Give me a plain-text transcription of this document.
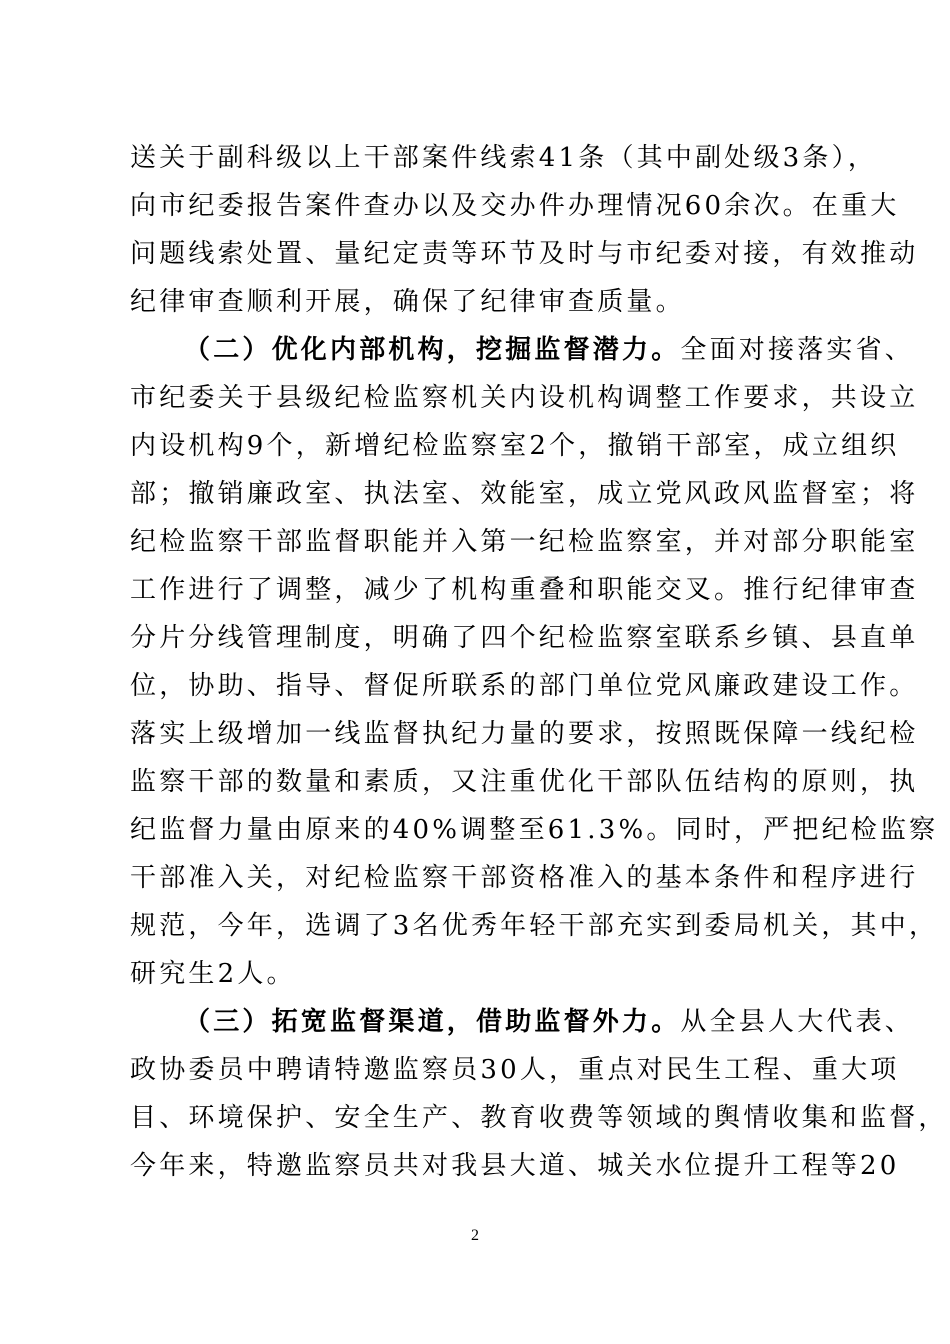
送关于副科级以上干部案件线索41条（其中副处级3条），
向市纪委报告案件查办以及交办件办理情况60余次。在重大
问题线索处置、量纪定责等环节及时与市纪委对接，有效推动
纪律审查顺利开展，确保了纪律审查质量。
（二）优化内部机构，挖掘监督潜力。全面对接落实省、
市纪委关于县级纪检监察机关内设机构调整工作要求，共设立
内设机构9个，新增纪检监察室2个，撤销干部室，成立组织
部；撤销廉政室、执法室、效能室，成立党风政风监督室；将
纪检监察干部监督职能并入第一纪检监察室，并对部分职能室
工作进行了调整，减少了机构重叠和职能交叉。推行纪律审查
分片分线管理制度，明确了四个纪检监察室联系乡镇、县直单
位，协助、指导、督促所联系的部门单位党风廉政建设工作。
落实上级增加一线监督执纪力量的要求，按照既保障一线纪检
监察干部的数量和素质，又注重优化干部队伍结构的原则，执
纪监督力量由原来的40%调整至61.3%。同时，严把纪检监察
干部准入关，对纪检监察干部资格准入的基本条件和程序进行
规范，今年，选调了3名优秀年轻干部充实到委局机关，其中，
研究生2人。
（三）拓宽监督渠道，借助监督外力。从全县人大代表、
政协委员中聘请特邀监察员30人，重点对民生工程、重大项
目、环境保护、安全生产、教育收费等领域的舆情收集和监督，
今年来，特邀监察员共对我县大道、城关水位提升工程等20
2
